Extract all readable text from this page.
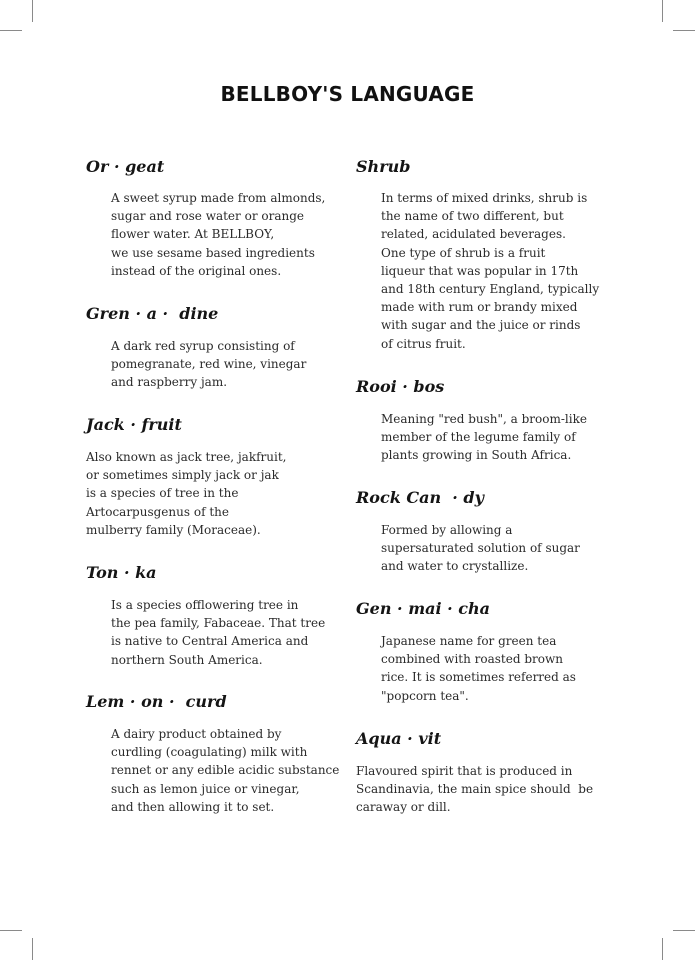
BELLBOY'S LANGUAGE
Or · geat
A sweet syrup made from almonds,
sugar and rose water or orange
flower water. At BELLBOY,
we use sesame based ingredients
instead of the original ones.
Gren · a ·  dine
A dark red syrup consisting of
pomegranate, red wine, vinegar
and raspberry jam.
Jack · fruit
Also known as jack tree, jakfruit,
or sometimes simply jack or jak
is a species of tree in the
Artocarpusgenus of the
mulberry family (Moraceae).
Ton · ka
Is a species offlowering tree in
the pea family, Fabaceae. That tree
is native to Central America and
northern South America.
Lem · on ·  curd
A dairy product obtained by
curdling (coagulating) milk with
rennet or any edible acidic substance
such as lemon juice or vinegar,
and then allowing it to set.
Shrub
In terms of mixed drinks, shrub is
the name of two different, but
related, acidulated beverages.
One type of shrub is a fruit
liqueur that was popular in 17th
and 18th century England, typically
made with rum or brandy mixed
with sugar and the juice or rinds
of citrus fruit.
Rooi · bos
Meaning "red bush", a broom-like
member of the legume family of
plants growing in South Africa.
Rock Can  · dy
Formed by allowing a
supersaturated solution of sugar
and water to crystallize.
Gen · mai · cha
Japanese name for green tea
combined with roasted brown
rice. It is sometimes referred as
"popcorn tea".
Aqua · vit
Flavoured spirit that is produced in
Scandinavia, the main spice should  be
caraway or dill.
